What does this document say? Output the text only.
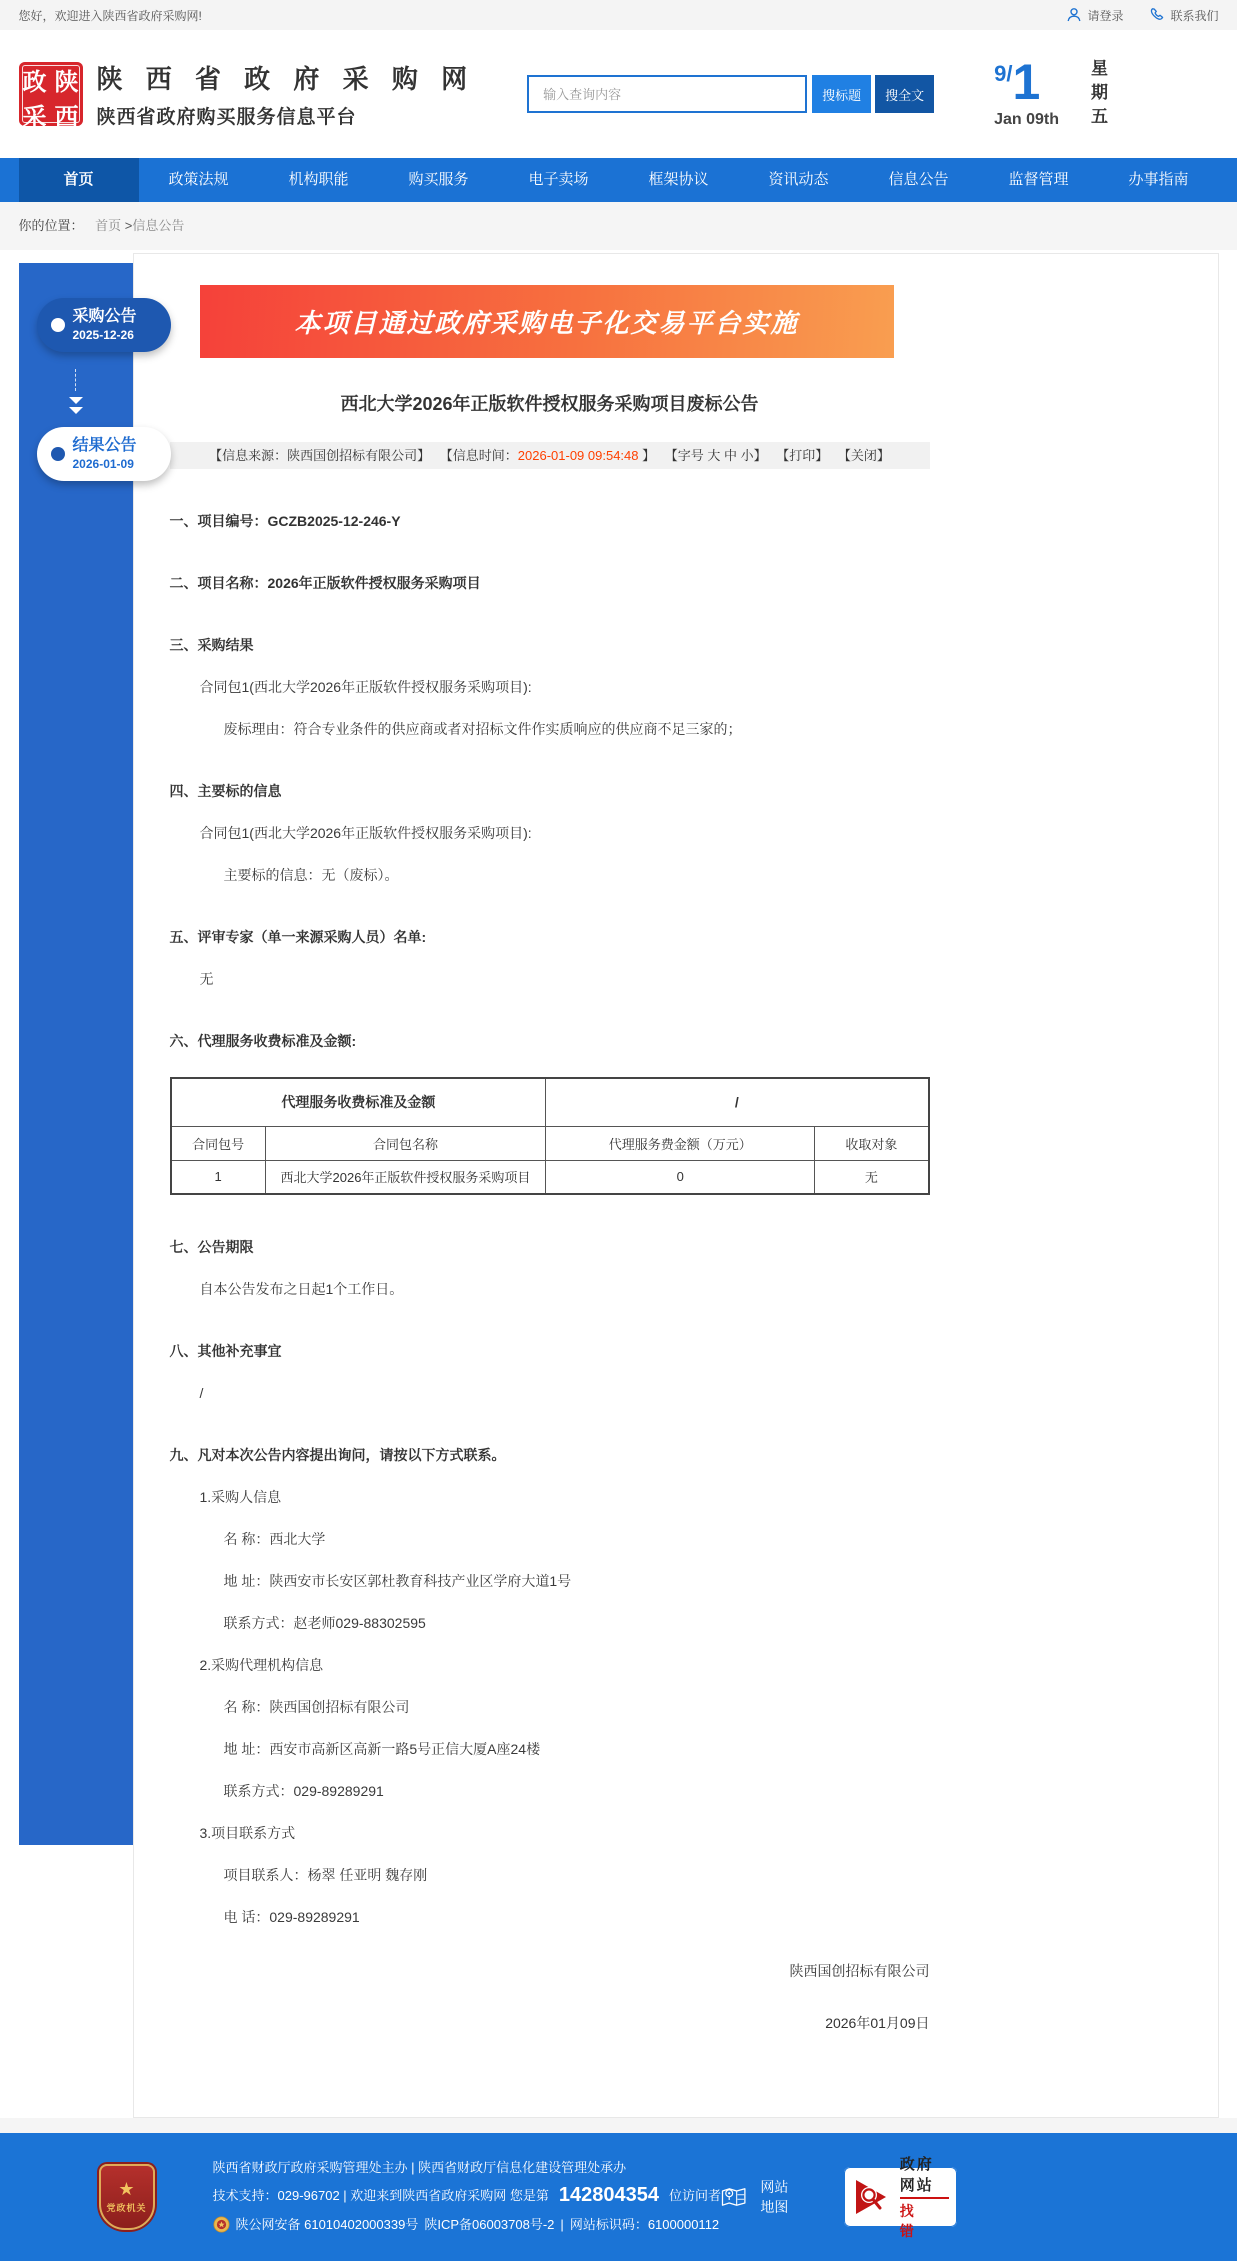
您好，欢迎进入陕西省政府采购网!	请登录	联系我们
政 陕
采 西
陕 西 省 政 府 采 购 网
陕西省政府购买服务信息平台
输入查询内容
搜标题	搜全文
9/1
Jan 09th 星期五
首页	政策法规	机构职能	购买服务	电子卖场	框架协议	资讯动态	信息公告	监督管理	办事指南
你的位置： 首页 >信息公告
采购公告
2025-12-26
结果公告
2026-01-09
本项目通过政府采购电子化交易平台实施
西北大学2026年正版软件授权服务采购项目废标公告
【信息来源：陕西国创招标有限公司】 【信息时间：2026-01-09 09:54:48 】 【字号 大 中 小】 【打印】 【关闭】

一、项目编号：GCZB2025-12-246-Y

二、项目名称：2026年正版软件授权服务采购项目

三、采购结果

合同包1(西北大学2026年正版软件授权服务采购项目):

废标理由：符合专业条件的供应商或者对招标文件作实质响应的供应商不足三家的；

四、主要标的信息

合同包1(西北大学2026年正版软件授权服务采购项目):

主要标的信息：无（废标）。

五、评审专家（单一来源采购人员）名单:

无

六、代理服务收费标准及金额:

代理服务收费标准及金额		/	
合同包号	合同包名称	代理服务费金额（万元）	收取对象
1	西北大学2026年正版软件授权服务采购项目	0	无

七、公告期限

自本公告发布之日起1个工作日。

八、其他补充事宜

/

九、凡对本次公告内容提出询问，请按以下方式联系。

1.采购人信息

名 称：西北大学

地 址：陕西安市长安区郭杜教育科技产业区学府大道1号

联系方式：赵老师029-88302595

2.采购代理机构信息

名 称：陕西国创招标有限公司

地 址：西安市高新区高新一路5号正信大厦A座24楼

联系方式：029-89289291

3.项目联系方式

项目联系人：杨翠 任亚明 魏存刚

电 话：029-89289291

陕西国创招标有限公司
2026年01月09日
★
党政机关
陕西省财政厅政府采购管理处主办 | 陕西省财政厅信息化建设管理处承办
技术支持：029-96702 | 欢迎来到陕西省政府采购网 您是第 142804354 位访问者
陕公网安备 61010402000339号 陕ICP备06003708号-2 | 网站标识码：6100000112
网站地图
政府网站
找 错
